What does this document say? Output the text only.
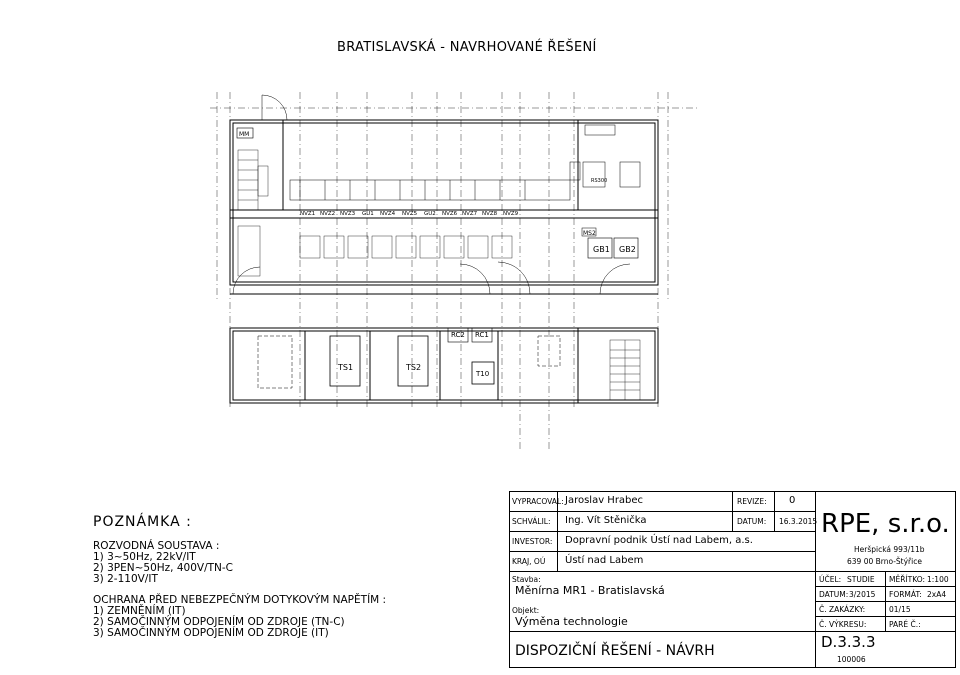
BRATISLAVSKÁ - NAVRHOVANÉ ŘEŠENÍ
MM
NVZ1 NVZ2 NVZ3 GU1 NVZ4 NVZ5 GU2 NVZ6 NVZ7 NVZ8 NVZ9
RS300
MS2
GB1 GB2
TS1	TS2
RC2 RC1
T10
POZNÁMKA :
ROZVODNÁ SOUSTAVA :
1) 3~50Hz, 22kV/IT
2) 3PEN~50Hz, 400V/TN-C
3) 2-110V/IT
OCHRANA PŘED NEBEZPEČNÝM DOTYKOVÝM NAPĚTÍM :
1) ZEMNĚNÍM (IT)
2) SAMOČINNÝM ODPOJENÍM OD ZDROJE (TN-C)
3) SAMOČINNÝM ODPOJENÍM OD ZDROJE (IT)
VYPRACOVAL: Jaroslav Hrabec	REVIZE: 0
SCHVÁLIL: Ing. Vít Stěnička	DATUM: 16.3.2015
INVESTOR: Dopravní podnik Ústí nad Labem, a.s.
KRAJ, OÚ Ústí nad Labem
Stavba:
Měnírna MR1 - Bratislavská
Objekt:
Výměna technologie
DISPOZIČNÍ ŘEŠENÍ - NÁVRH
RPE, s.r.o.
Heršpická 993/11b
639 00 Brno-Štýřice
ÚČEL: STUDIE MĚŘÍTKO: 1:100
DATUM: 3/2015 FORMÁT: 2xA4
Č. ZAKÁZKY:	01/15
Č. VÝKRESU:	PARÉ Č.:
D.3.3.3
100006
